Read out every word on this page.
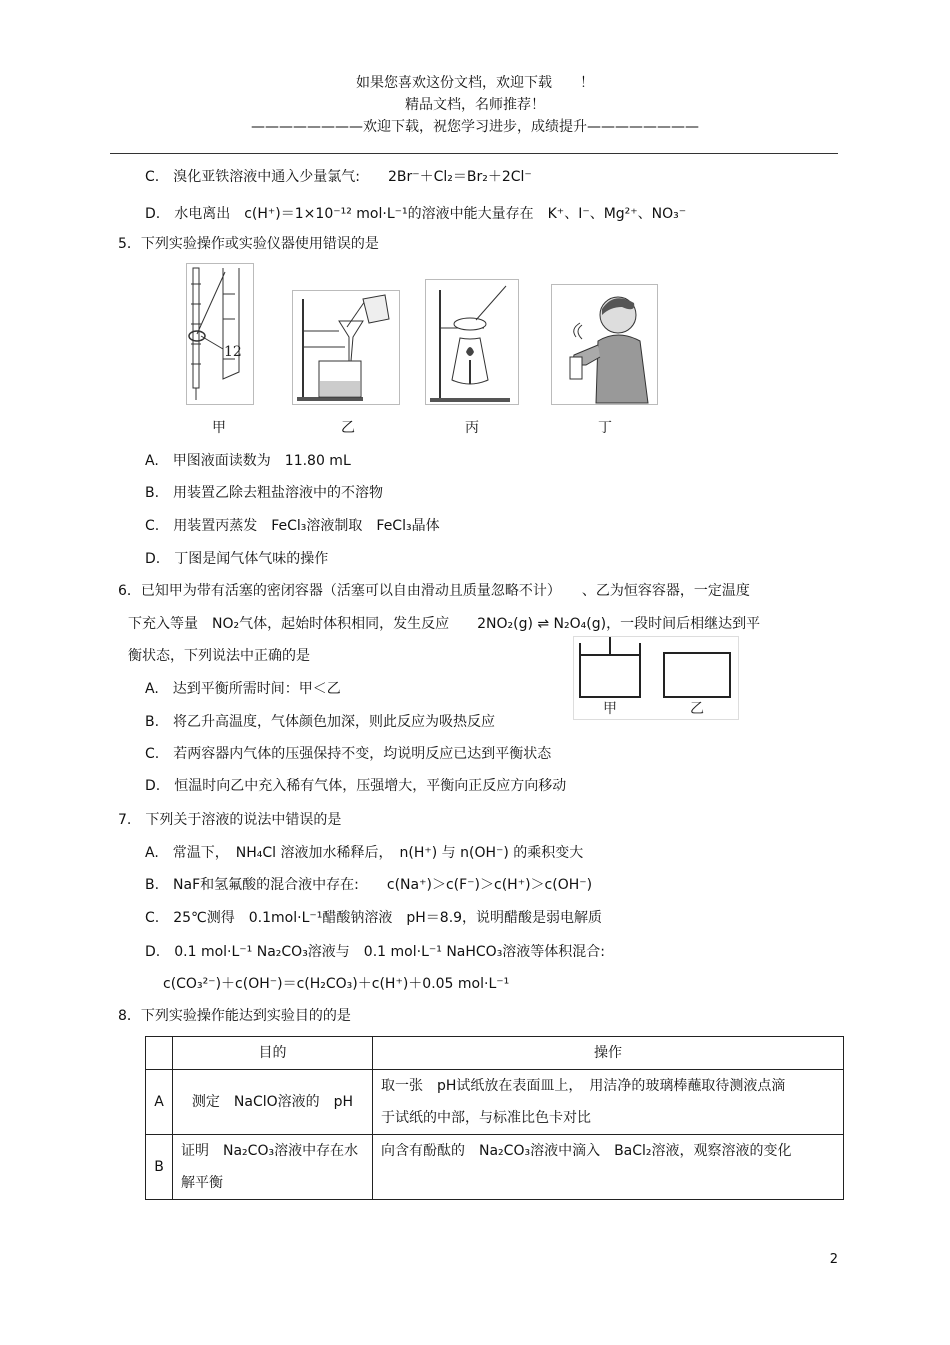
如果您喜欢这份文档，欢迎下载　　！
精品文档，名师推荐！
————————欢迎下载，祝您学习进步，成绩提升————————
C.　溴化亚铁溶液中通入少量氯气:　　2Br⁻＋Cl₂＝Br₂＋2Cl⁻
D.　水电离出　c(H⁺)＝1×10⁻¹² mol·L⁻¹的溶液中能大量存在　K⁺、I⁻、Mg²⁺、NO₃⁻
5．下列实验操作或实验仪器使用错误的是
12
甲	乙	丙	丁
A.　甲图液面读数为　11.80 mL
B.　用装置乙除去粗盐溶液中的不溶物
C.　用装置丙蒸发　FeCl₃溶液制取　FeCl₃晶体
D.　丁图是闻气体气味的操作
6．已知甲为带有活塞的密闭容器（活塞可以自由滑动且质量忽略不计）　　、乙为恒容容器，一定温度
下充入等量　NO₂气体，起始时体积相同，发生反应　　2NO₂(g) ⇌ N₂O₄(g)，一段时间后相继达到平
衡状态，下列说法中正确的是
甲	乙
A.　达到平衡所需时间：甲＜乙
B.　将乙升高温度，气体颜色加深，则此反应为吸热反应
C.　若两容器内气体的压强保持不变，均说明反应已达到平衡状态
D.　恒温时向乙中充入稀有气体，压强增大，平衡向正反应方向移动
7.　下列关于溶液的说法中错误的是
A.　常温下，　NH₄Cl 溶液加水稀释后，　n(H⁺) 与 n(OH⁻) 的乘积变大
B.　NaF和氢氟酸的混合液中存在:　　c(Na⁺)＞c(F⁻)＞c(H⁺)＞c(OH⁻)
C.　25℃测得　0.1mol·L⁻¹醋酸钠溶液　pH＝8.9，说明醋酸是弱电解质
D.　0.1 mol·L⁻¹ Na₂CO₃溶液与　0.1 mol·L⁻¹ NaHCO₃溶液等体积混合:
c(CO₃²⁻)＋c(OH⁻)＝c(H₂CO₃)＋c(H⁺)＋0.05 mol·L⁻¹
8．下列实验操作能达到实验目的的是
	目的	操作
A	测定　NaClO溶液的　pH	取一张　pH试纸放在表面皿上，　用洁净的玻璃棒蘸取待测液点滴
于试纸的中部，与标准比色卡对比

B	证明　Na₂CO₃溶液中存在水
解平衡	向含有酚酞的　Na₂CO₃溶液中滴入　BaCl₂溶液，观察溶液的变化
2
